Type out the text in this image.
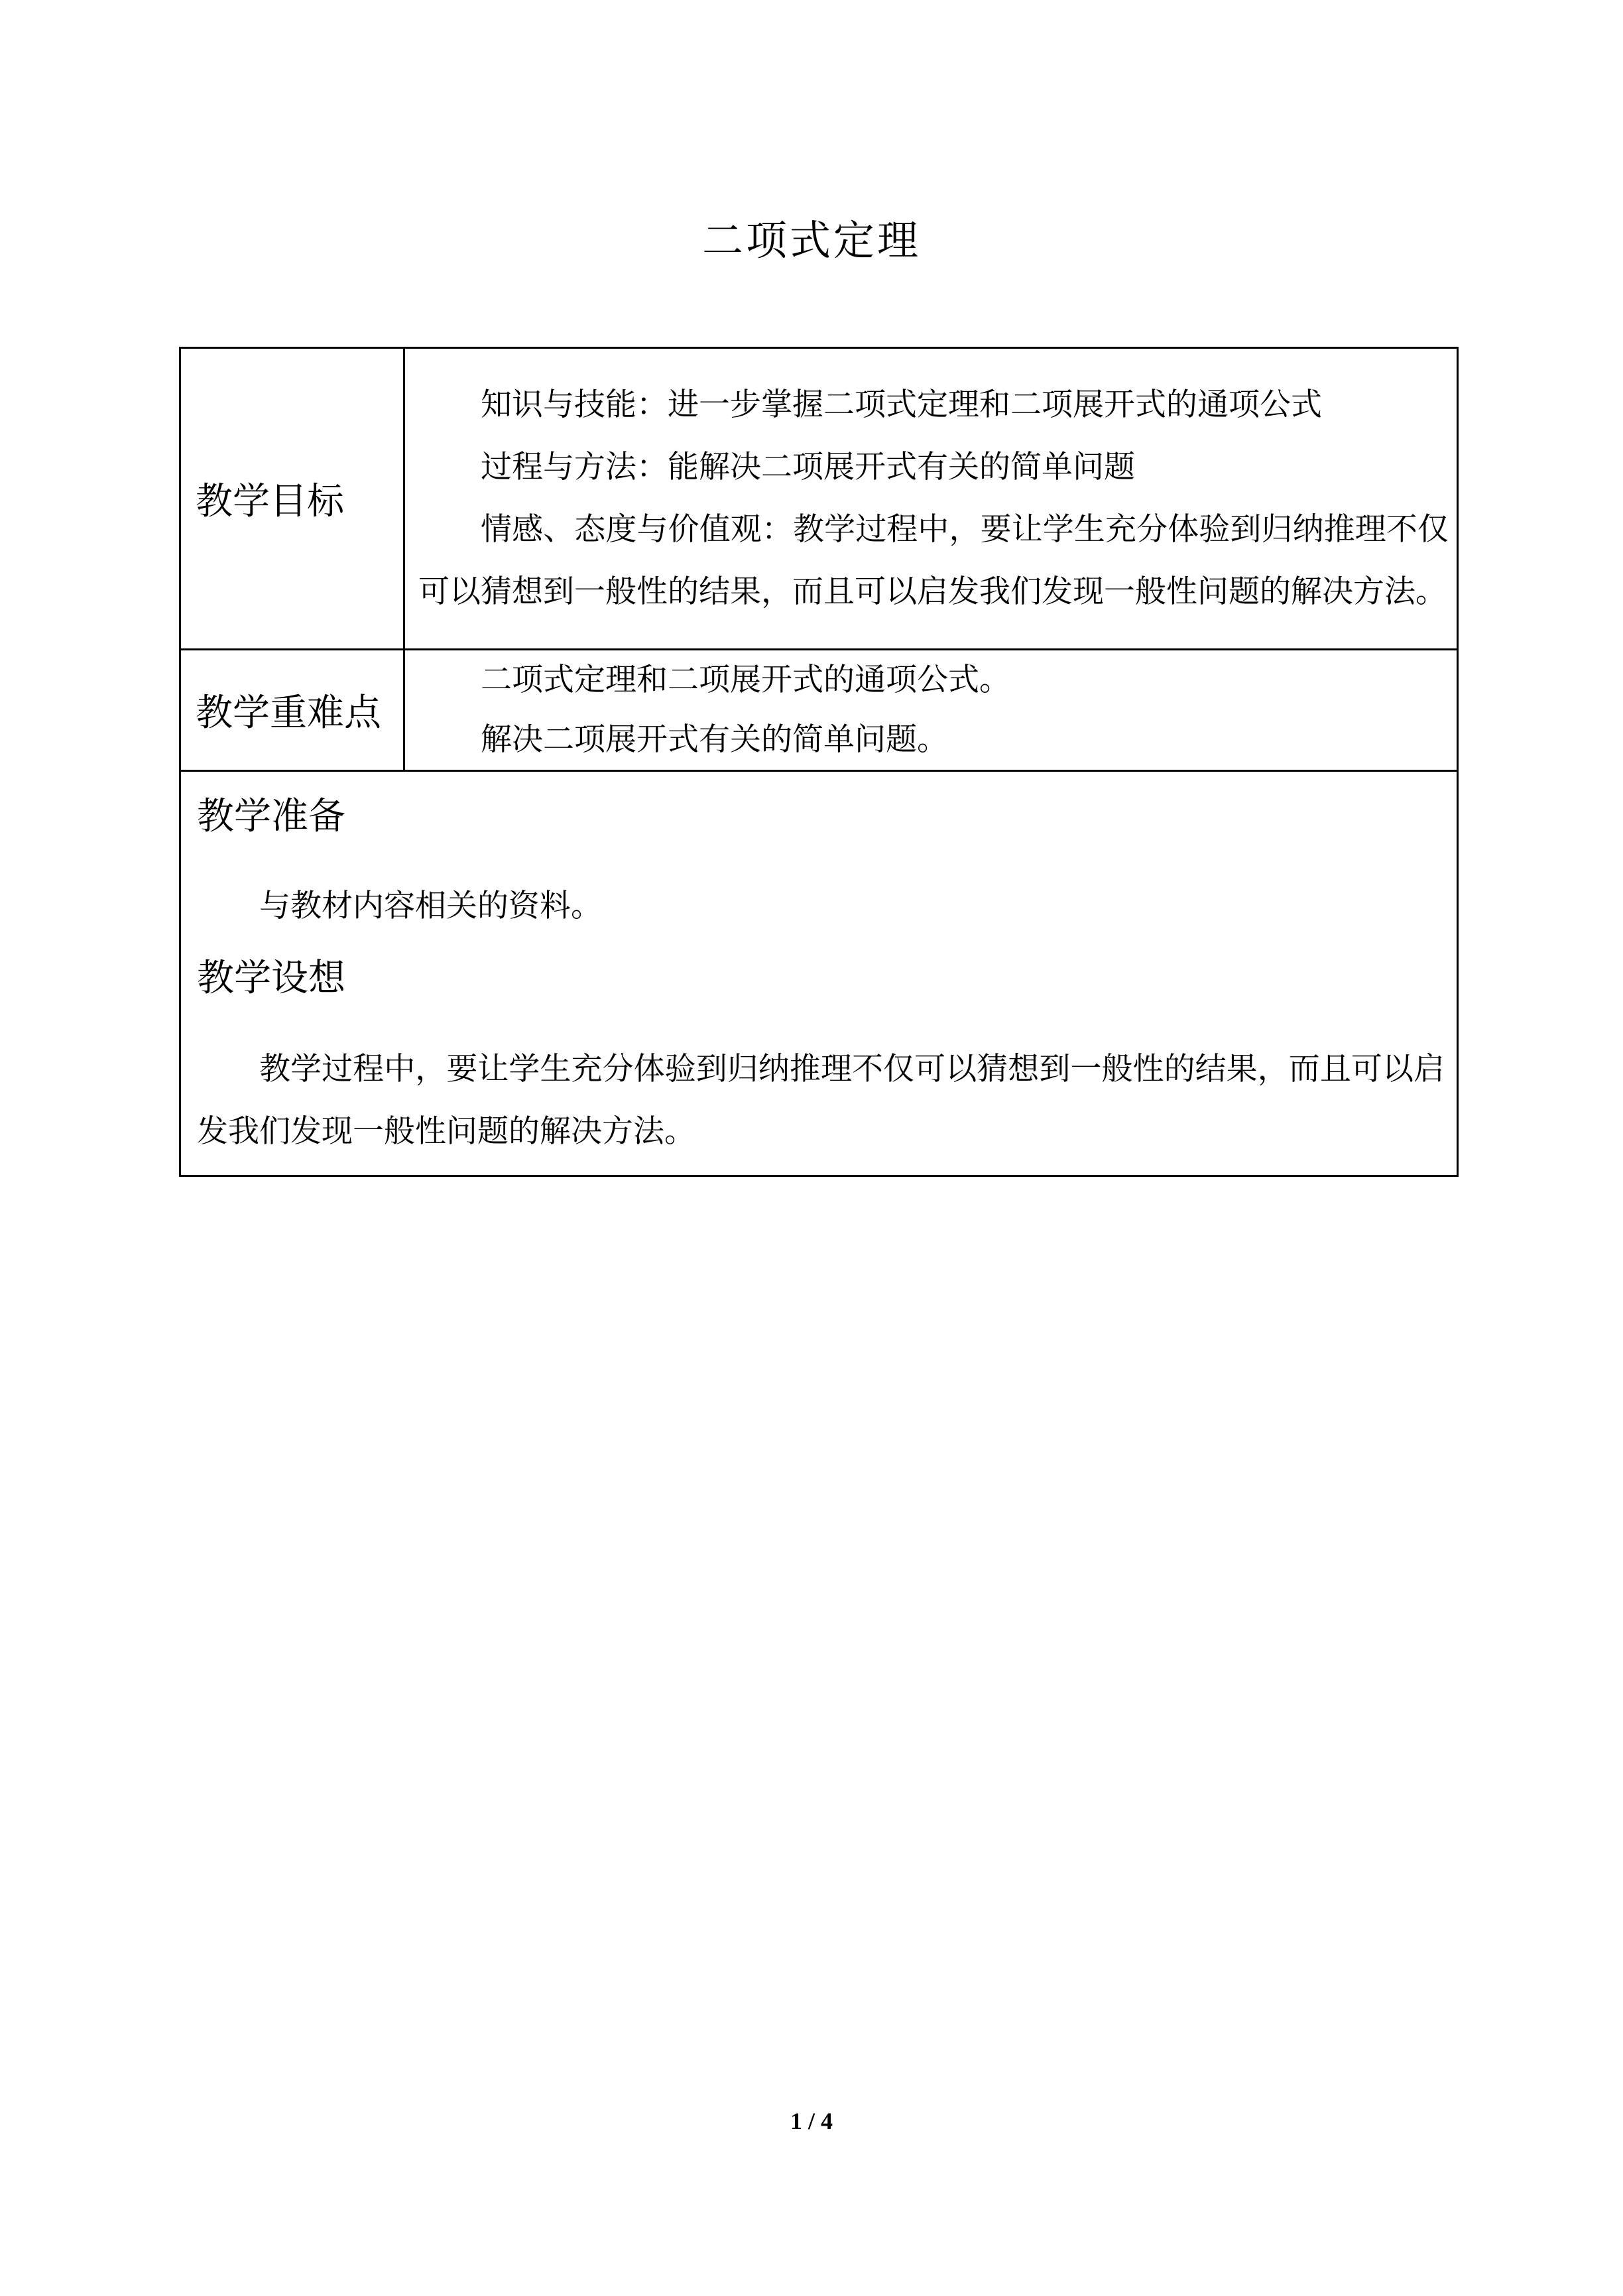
二项式定理
教学目标	知识与技能：进一步掌握二项式定理和二项展开式的通项公式

过程与方法：能解决二项展开式有关的简单问题

情感、态度与价值观：教学过程中，要让学生充分体验到归纳推理不仅可以猜想到一般性的结果，而且可以启发我们发现一般性问题的解决方法。

教学重难点	二项式定理和二项展开式的通项公式。

解决二项展开式有关的简单问题。

教学准备

与教材内容相关的资料。

教学设想

教学过程中，要让学生充分体验到归纳推理不仅可以猜想到一般性的结果，而且可以启发我们发现一般性问题的解决方法。	

1 / 4
